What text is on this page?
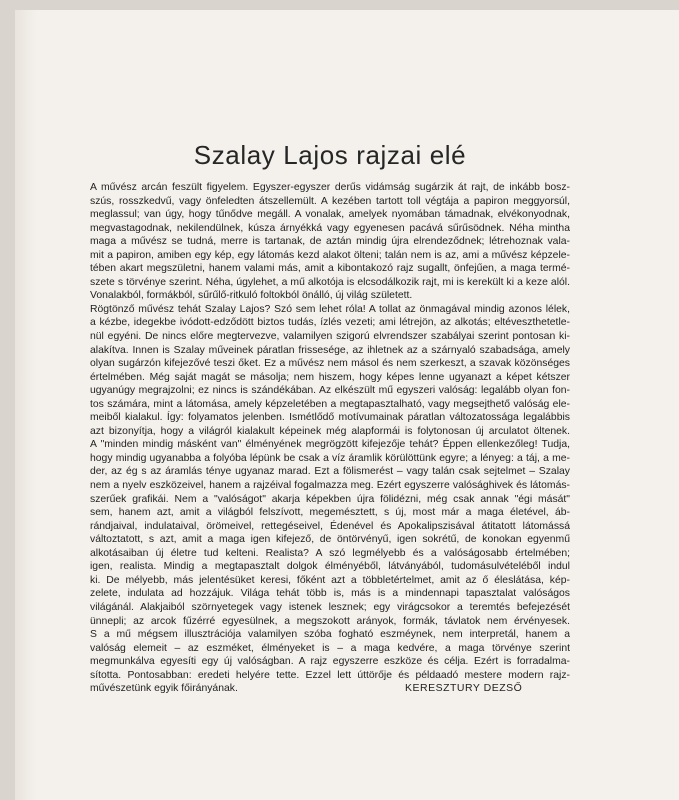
Szalay Lajos rajzai elé
A művész arcán feszült figyelem. Egyszer-egyszer derűs vidámság sugárzik át rajt, de inkább bosz-
szús, rosszkedvű, vagy önfeledten átszellemült. A kezében tartott toll végtája a papiron meggyorsúl,
meglassul; van úgy, hogy tűnődve megáll. A vonalak, amelyek nyomában támadnak, elvékonyodnak,
megvastagodnak, nekilendülnek, kúsza árnyékká vagy egyenesen pacává sűrűsödnek. Néha mintha
maga a művész se tudná, merre is tartanak, de aztán mindig újra elrendeződnek; létrehoznak vala-
mit a papiron, amiben egy kép, egy látomás kezd alakot ölteni; talán nem is az, ami a művész képzele-
tében akart megszületni, hanem valami más, amit a kibontakozó rajz sugallt, önfejűen, a maga termé-
szete s törvénye szerint. Néha, úgylehet, a mű alkotója is elcsodálkozik rajt, mi is kerekült ki a keze alól.
Vonalakból, formákból, sűrűlő-ritkuló foltokból önálló, új világ született.
Rögtönző művész tehát Szalay Lajos? Szó sem lehet róla! A tollat az önmagával mindig azonos lélek,
a kézbe, idegekbe ivódott-edződött biztos tudás, ízlés vezeti; ami létrejön, az alkotás; eltéveszthetetle-
nül egyéni. De nincs előre megtervezve, valamilyen szigorú elvrendszer szabályai szerint pontosan ki-
alakítva. Innen is Szalay műveinek páratlan frissesége, az ihletnek az a szárnyaló szabadsága, amely
olyan sugárzón kifejezővé teszi őket. Ez a művész nem másol és nem szerkeszt, a szavak közönséges
értelmében. Még saját magát se másolja; nem hiszem, hogy képes lenne ugyanazt a képet kétszer
ugyanúgy megrajzolni; ez nincs is szándékában. Az elkészült mű egyszeri valóság: legalább olyan fon-
tos számára, mint a látomása, amely képzeletében a megtapasztalható, vagy megsejthető valóság ele-
meiből kialakul. Így: folyamatos jelenben. Ismétlődő motívumainak páratlan változatossága legalábbis
azt bizonyítja, hogy a világról kialakult képeinek még alapformái is folytonosan új arculatot öltenek.
A "minden mindig másként van" élményének megrögzött kifejezője tehát? Éppen ellenkezőleg! Tudja,
hogy mindig ugyanabba a folyóba lépünk be csak a víz áramlik körülöttünk egyre; a lényeg: a táj, a me-
der, az ég s az áramlás ténye ugyanaz marad. Ezt a fölismerést – vagy talán csak sejtelmet – Szalay
nem a nyelv eszközeivel, hanem a rajzéival fogalmazza meg. Ezért egyszerre valósághivek és látomás-
szerűek grafikái. Nem a "valóságot" akarja képekben újra fölidézni, még csak annak "égi mását"
sem, hanem azt, amit a világból felszívott, megemésztett, s új, most már a maga életével, áb-
rándjaival, indulataival, örömeivel, rettegéseivel, Édenével és Apokalipszisával átitatott látomássá
változtatott, s azt, amit a maga igen kifejező, de öntörvényű, igen sokrétű, de konokan egyenmű
alkotásaiban új életre tud kelteni. Realista? A szó legmélyebb és a valóságosabb értelmében;
igen, realista. Mindig a megtapasztalt dolgok élményéből, látványából, tudomásulvételéből indul
ki. De mélyebb, más jelentésüket keresi, főként azt a többletértelmet, amit az ő éleslátása, kép-
zelete, indulata ad hozzájuk. Világa tehát több is, más is a mindennapi tapasztalat valóságos
világánál. Alakjaiból szörnyetegek vagy istenek lesznek; egy virágcsokor a teremtés befejezését
ünnepli; az arcok fűzérré egyesülnek, a megszokott arányok, formák, távlatok nem érvényesek.
S a mű mégsem illusztrációja valamilyen szóba fogható eszméynek, nem interpretál, hanem a
valóság elemeit – az eszméket, élményeket is – a maga kedvére, a maga törvénye szerint
megmunkálva egyesíti egy új valóságban. A rajz egyszerre eszköze és célja. Ezért is forradalma-
sította. Pontosabban: eredeti helyére tette. Ezzel lett úttörője és példaadó mestere modern rajz-
művészetünk egyik főirányának.	KERESZTURY DEZSŐ
